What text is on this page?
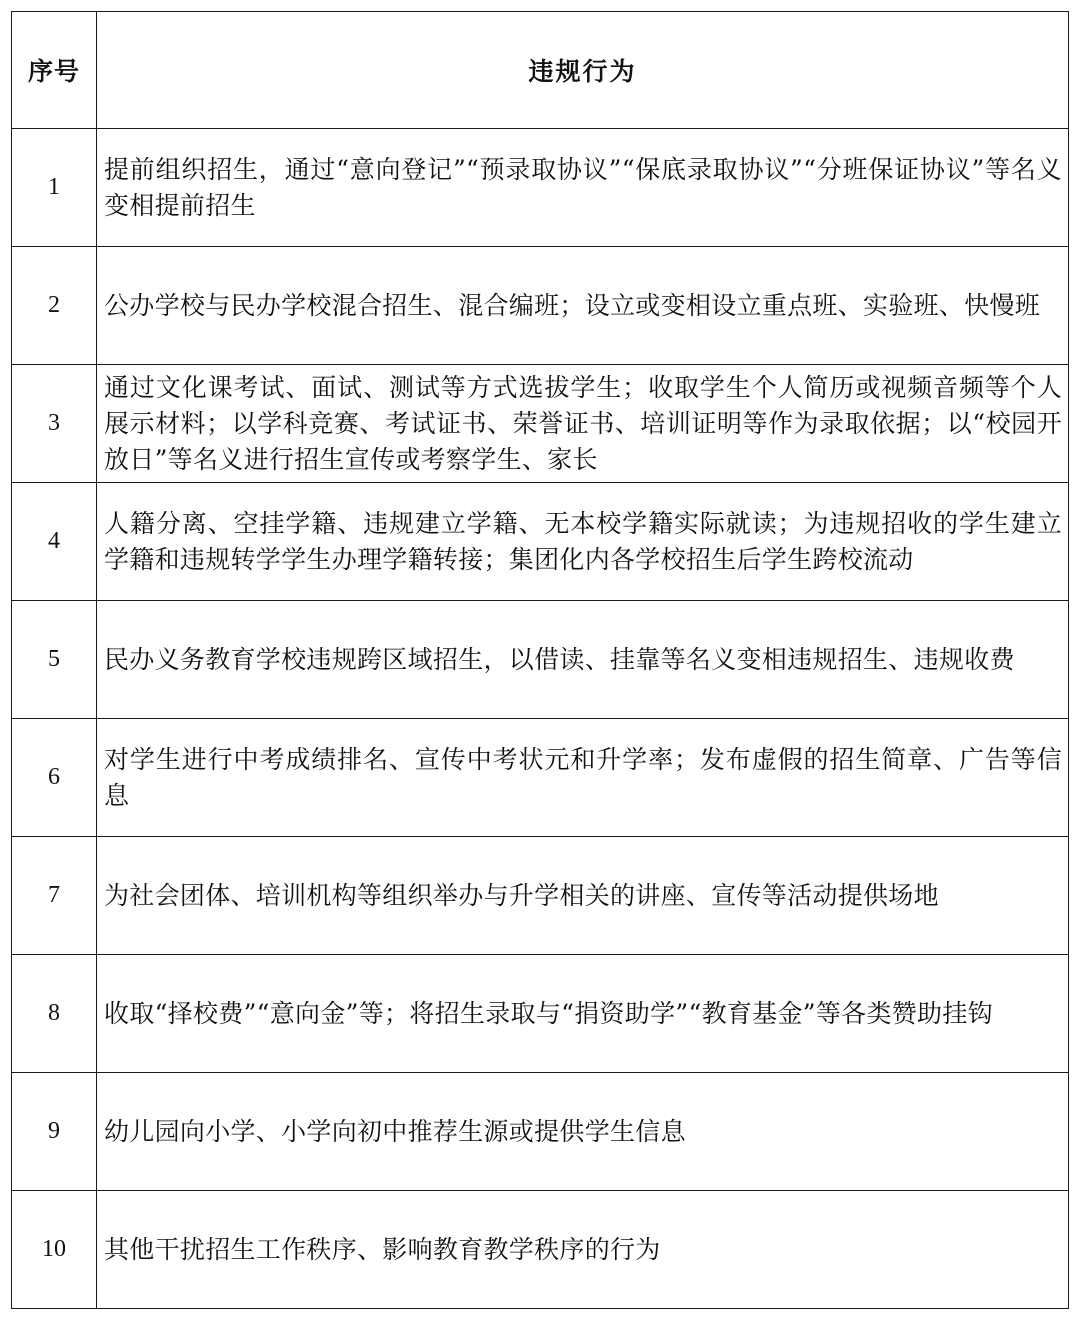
序号	违规行为
1	提前组织招生，通过“意向登记”“预录取协议”“保底录取协议”“分班保证协议”等名义变相提前招生
2	公办学校与民办学校混合招生、混合编班；设立或变相设立重点班、实验班、快慢班
3	通过文化课考试、面试、测试等方式选拔学生；收取学生个人简历或视频音频等个人展示材料；以学科竞赛、考试证书、荣誉证书、培训证明等作为录取依据；以“校园开放日”等名义进行招生宣传或考察学生、家长
4	人籍分离、空挂学籍、违规建立学籍、无本校学籍实际就读；为违规招收的学生建立学籍和违规转学学生办理学籍转接；集团化内各学校招生后学生跨校流动
5	民办义务教育学校违规跨区域招生，以借读、挂靠等名义变相违规招生、违规收费
6	对学生进行中考成绩排名、宣传中考状元和升学率；发布虚假的招生简章、广告等信息
7	为社会团体、培训机构等组织举办与升学相关的讲座、宣传等活动提供场地
8	收取“择校费”“意向金”等；将招生录取与“捐资助学”“教育基金”等各类赞助挂钩
9	幼儿园向小学、小学向初中推荐生源或提供学生信息
10	其他干扰招生工作秩序、影响教育教学秩序的行为
